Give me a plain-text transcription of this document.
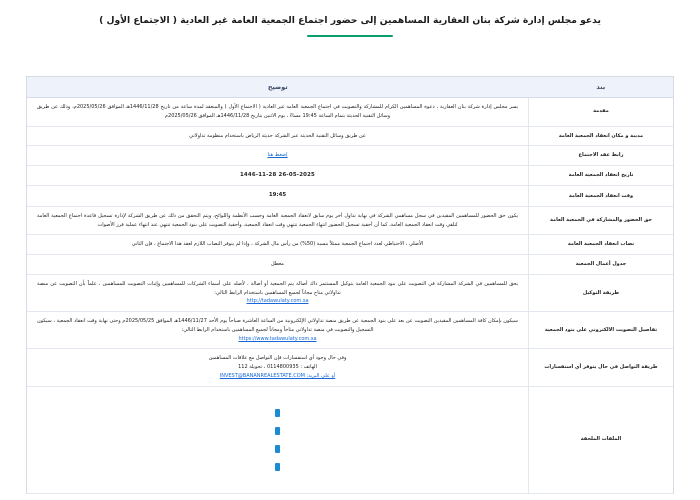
يدعو مجلس إدارة شركة بنان العقارية المساهمين إلى حضور اجتماع الجمعية العامة غير العادية ( الاجتماع الأول )
بند	توضيح
مقدمة	يسر مجلس إدارة شركة بنان العقارية ، دعوة المساهمين الكرام للمشاركة والتصويت في اجتماع الجمعية العامة غير العادية ( الاجتماع الأول ) والمنعقد لمدة ساعة من تاريخ 1446/11/28هـ الموافق 2025/05/26م، وذلك عن طريق وسائل التقنية الحديثة بتمام الساعة 19:45 مساءً ، يوم الاثنين بتاريخ 1446/11/28هـ الموافق 2025/05/26م

مدينة و مكان انعقاد الجمعية العامة	عن طريق وسائل التقنية الحديثة عبر الشركة حديثة الرياض باستخدام منظومة تداولاتي

رابط عقد الاجتماع	إضغط هنا
تاريخ انعقاد الجمعية العامة	26-05-2025 1446-11-28

وقت انعقاد الجمعية العامة	19:45

حق الحضور والمشاركة في الجمعية العامة	يكون حق الحضور للمساهمين المقيدين في سجل مساهمي الشركة في نهاية تداول أخر يوم سابق لانعقاد الجمعية العامة وحسب الأنظمة واللوائح، ويتم التحقق من ذلك عن طريق الشركة لإدارة تسجيل قاعدة اجتماع الجمعية العامة لتلقي وقت انعقاد الجمعية العامة، كما أن أحقية تسجيل الحضور انتهاء الجمعية تنتهي وقت انعقاد الجمعية، وأحقية التصويت على بنود الجمعية تنتهي عند انتهاء عملية فرز الأصوات

نصاب انعقاد الجمعية العامة	الأصلي ، الاحتياطي لعدد اجتماع الجمعية ممثلاً بنسبة (50%) من رأس مال الشركة ، وإذا لم يتوفر النصاب اللازم لعقد هذا الاجتماع ، فإن الثاني

جدول أعمال الجمعية	معطل

طريقة التوكيل	يحق للمساهمين في الشركة المشاركة في التصويت على بنود الجمعية العامة بتوكيل المستثمر ذاك أصالة يتم الجمعية أو أصالة ، لأصله على أسماء الشركات للمساهمين وإثبات التصويت للمساهمين ، علماً بأن التصويت عن منصة تداولاتي متاح مجاناً لجميع المساهمين باستخدام الرابط التالي:
http://tadawulaty.com.sa

تفاصيل التصويت الالكتروني على بنود الجمعية	سيكون بإمكان كافة المساهمين المقيدين التصويت عن بعد على بنود الجمعية عن طريق منصة تداولاتي الإلكترونية من الساعة العاشرة صباحاً يوم الأحد 1446/11/27هـ الموافق 2025/05/25م وحتى نهاية وقت انعقاد الجمعية ، سيكون التسجيل والتصويت في منصة تداولاتي متاحاً ومجاناً لجميع المساهمين باستخدام الرابط التالي:
https://www.tadawulaty.com.sa

طريقة التواصل في حال يتوفر أي استفسارات	وفي حال وجود أي استفسارات فإن التواصل مع علاقات المساهمين
الهاتف : 0114800935 ، تحويلة 112
أو على البريد: INVEST@BANANREALESTATE.COM

الملفات الملحقة	
